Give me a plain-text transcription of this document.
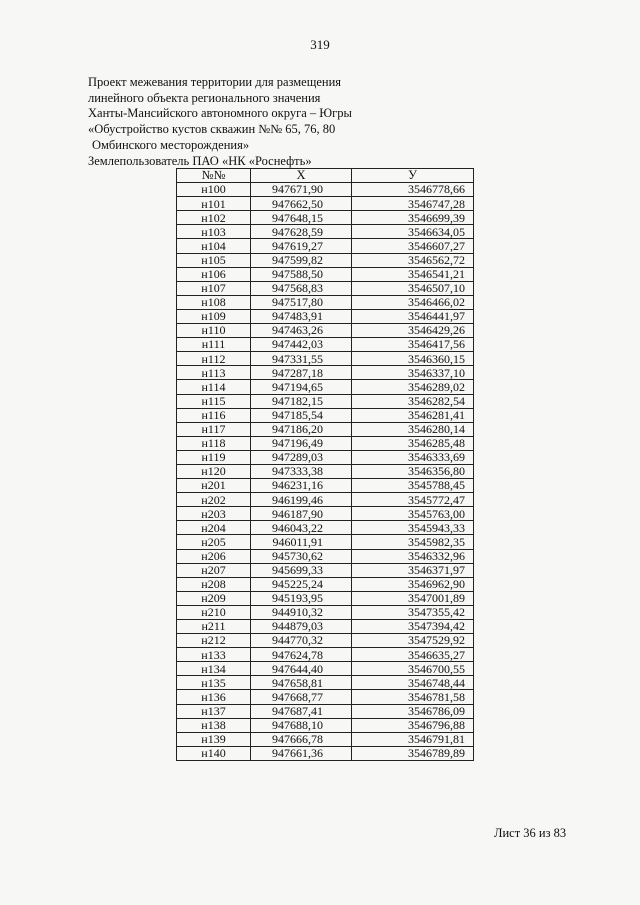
319
Проект межевания территории для размещения
линейного объекта регионального значения
Ханты-Мансийского автономного округа – Югры
«Обустройство кустов скважин №№ 65, 76, 80
Омбинского месторождения»
Землепользователь ПАО «НК «Роснефть»
№№	Х	У
н100	947671,90	3546778,66
н101	947662,50	3546747,28
н102	947648,15	3546699,39
н103	947628,59	3546634,05
н104	947619,27	3546607,27
н105	947599,82	3546562,72
н106	947588,50	3546541,21
н107	947568,83	3546507,10
н108	947517,80	3546466,02
н109	947483,91	3546441,97
н110	947463,26	3546429,26
н111	947442,03	3546417,56
н112	947331,55	3546360,15
н113	947287,18	3546337,10
н114	947194,65	3546289,02
н115	947182,15	3546282,54
н116	947185,54	3546281,41
н117	947186,20	3546280,14
н118	947196,49	3546285,48
н119	947289,03	3546333,69
н120	947333,38	3546356,80
н201	946231,16	3545788,45
н202	946199,46	3545772,47
н203	946187,90	3545763,00
н204	946043,22	3545943,33
н205	946011,91	3545982,35
н206	945730,62	3546332,96
н207	945699,33	3546371,97
н208	945225,24	3546962,90
н209	945193,95	3547001,89
н210	944910,32	3547355,42
н211	944879,03	3547394,42
н212	944770,32	3547529,92
н133	947624,78	3546635,27
н134	947644,40	3546700,55
н135	947658,81	3546748,44
н136	947668,77	3546781,58
н137	947687,41	3546786,09
н138	947688,10	3546796,88
н139	947666,78	3546791,81
н140	947661,36	3546789,89
Лист 36 из 83
